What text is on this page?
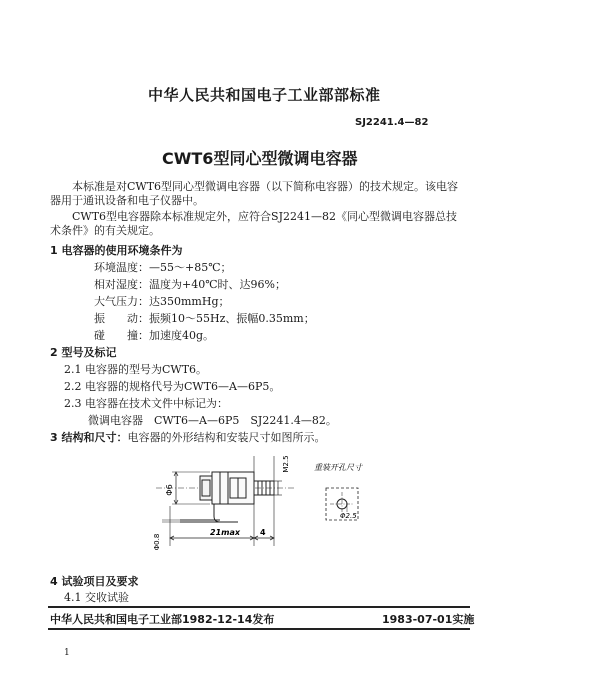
中华人民共和国电子工业部部标准
SJ2241.4—82
CWT6型同心型微调电容器
本标准是对CWT6型同心型微调电容器（以下简称电容器）的技术规定。该电容器用于通讯设备和电子仪器中。
CWT6型电容器除本标准规定外，应符合SJ2241—82《同心型微调电容器总技术条件》的有关规定。
1 电容器的使用环境条件为
环境温度：—55～+85℃；
相对湿度：温度为+40℃时、达96%；
大气压力：达350mmHg；
振　　动：振频10～55Hz、振幅0.35mm；
碰　　撞：加速度40g。
2 型号及标记
2.1 电容器的型号为CWT6。
2.2 电容器的规格代号为CWT6—A—6P5。
2.3 电容器在技术文件中标记为：
微调电容器　CWT6—A—6P5　SJ2241.4—82。
3 结构和尺寸：电容器的外形结构和安装尺寸如图所示。
Φ6
M2.5
Φ0.8
21max 4
重装开孔尺寸
Φ2.5
4 试验项目及要求
4.1 交收试验
中华人民共和国电子工业部1982-12-14发布	1983-07-01实施
1
